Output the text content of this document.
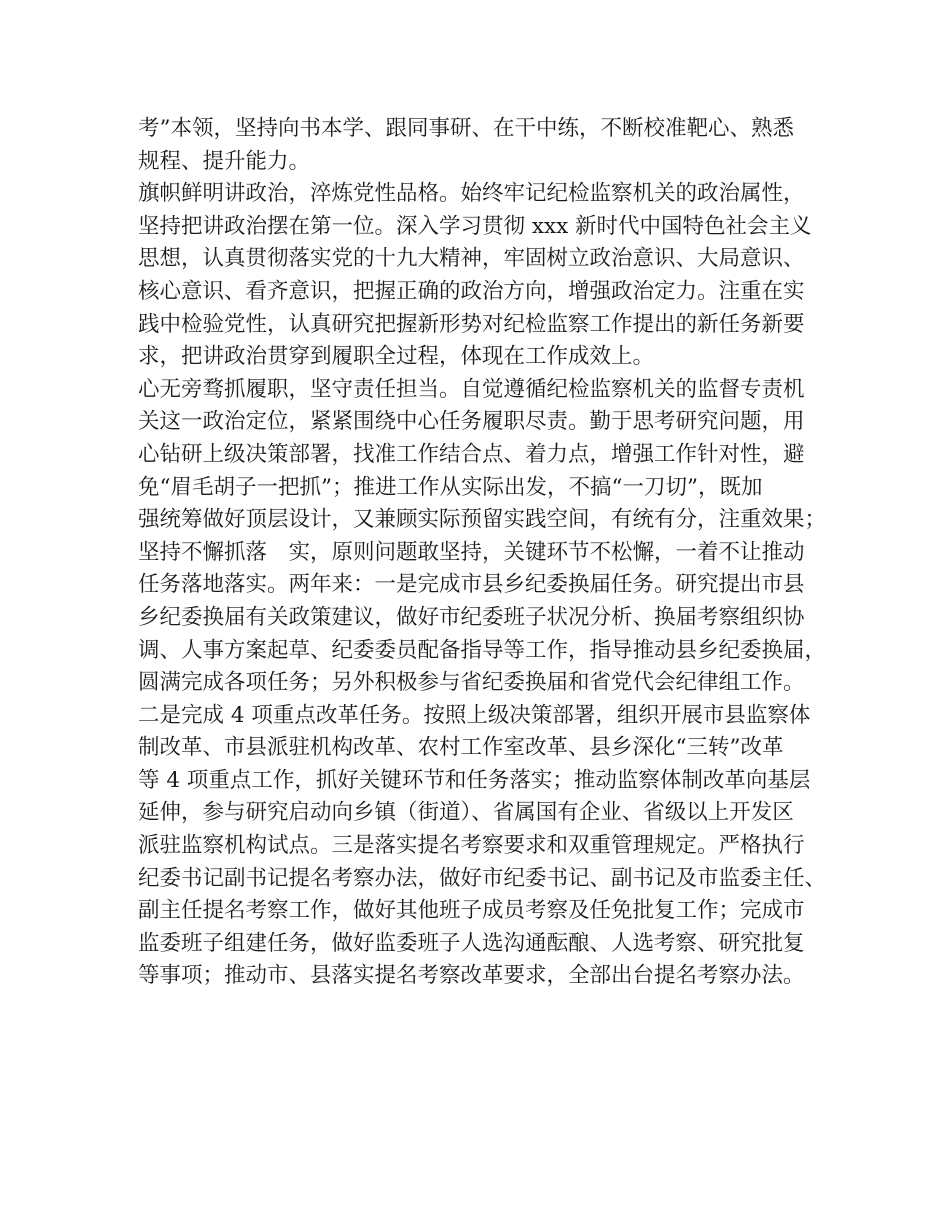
考”本领，坚持向书本学、跟同事研、在干中练，不断校准靶心、熟悉
规程、提升能力。
旗帜鲜明讲政治，淬炼党性品格。始终牢记纪检监察机关的政治属性，
坚持把讲政治摆在第一位。深入学习贯彻 xxx 新时代中国特色社会主义
思想，认真贯彻落实党的十九大精神，牢固树立政治意识、大局意识、
核心意识、看齐意识，把握正确的政治方向，增强政治定力。注重在实
践中检验党性，认真研究把握新形势对纪检监察工作提出的新任务新要
求，把讲政治贯穿到履职全过程，体现在工作成效上。
心无旁骛抓履职，坚守责任担当。自觉遵循纪检监察机关的监督专责机
关这一政治定位，紧紧围绕中心任务履职尽责。勤于思考研究问题，用
心钻研上级决策部署，找准工作结合点、着力点，增强工作针对性，避
免“眉毛胡子一把抓”；推进工作从实际出发，不搞“一刀切”，既加
强统筹做好顶层设计，又兼顾实际预留实践空间，有统有分，注重效果；
坚持不懈抓落　实，原则问题敢坚持，关键环节不松懈，一着不让推动
任务落地落实。两年来：一是完成市县乡纪委换届任务。研究提出市县
乡纪委换届有关政策建议，做好市纪委班子状况分析、换届考察组织协
调、人事方案起草、纪委委员配备指导等工作，指导推动县乡纪委换届，
圆满完成各项任务；另外积极参与省纪委换届和省党代会纪律组工作。
二是完成 4 项重点改革任务。按照上级决策部署，组织开展市县监察体
制改革、市县派驻机构改革、农村工作室改革、县乡深化“三转”改革
等 4 项重点工作，抓好关键环节和任务落实；推动监察体制改革向基层
延伸，参与研究启动向乡镇（街道）、省属国有企业、省级以上开发区
派驻监察机构试点。三是落实提名考察要求和双重管理规定。严格执行
纪委书记副书记提名考察办法，做好市纪委书记、副书记及市监委主任、
副主任提名考察工作，做好其他班子成员考察及任免批复工作；完成市
监委班子组建任务，做好监委班子人选沟通酝酿、人选考察、研究批复
等事项；推动市、县落实提名考察改革要求，全部出台提名考察办法。
